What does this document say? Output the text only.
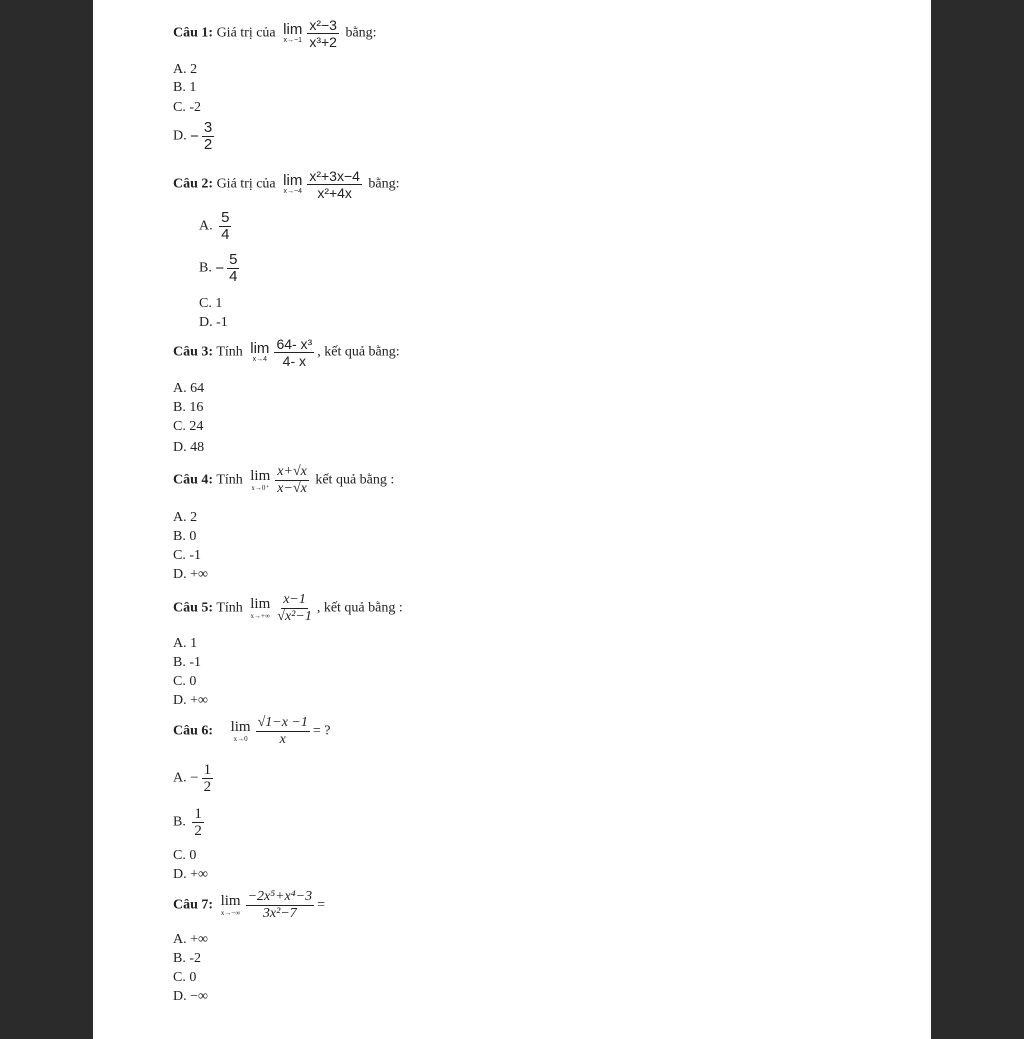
Câu 1: Giá trị của lim
$x\to-1 \frac{\text{x²−3}}{\text{x³+2}}$ bằng:
A. 2
B. 1
C. -2
D. − $\frac{3}{2}$
Câu 2: Giá trị của lim
$x\to-4 \frac{\text{x²+3x−4}}{\text{x²+4x}}$ bằng:
A. $\frac{5}{4}$
B. − $\frac{5}{4}$
C. 1
D. -1
Câu 3: Tính lim
$x\to 4 \frac{\text{64- x³}}{4- x}$ , kết quả bằng:
A. 64
B. 16
C. 24
D. 48
Câu 4: Tính lim
$x\to 0^+ \frac{x+√x}{x-√x}$ kết quả bằng :
A. 2
B. 0
C. -1
D. +∞
Câu 5: Tính lim
$x\to+\infty \frac{x-1}{\text{√x²−1}}$ , kết quả bằng :
A. 1
B. -1
C. 0
D. +∞
Câu 6: lim
$x\to 0 \frac{√1-x -1}{x}$ = ?
A. − $\frac{1}{2}$
B. $\frac{1}{2}$
C. 0
D. +∞
Câu 7: lim
$x\to-\infty \frac{\text{−2x⁵+x⁴−3}}{\text{3x²−7}}$ =
A. +∞
B. -2
C. 0
D. −∞
